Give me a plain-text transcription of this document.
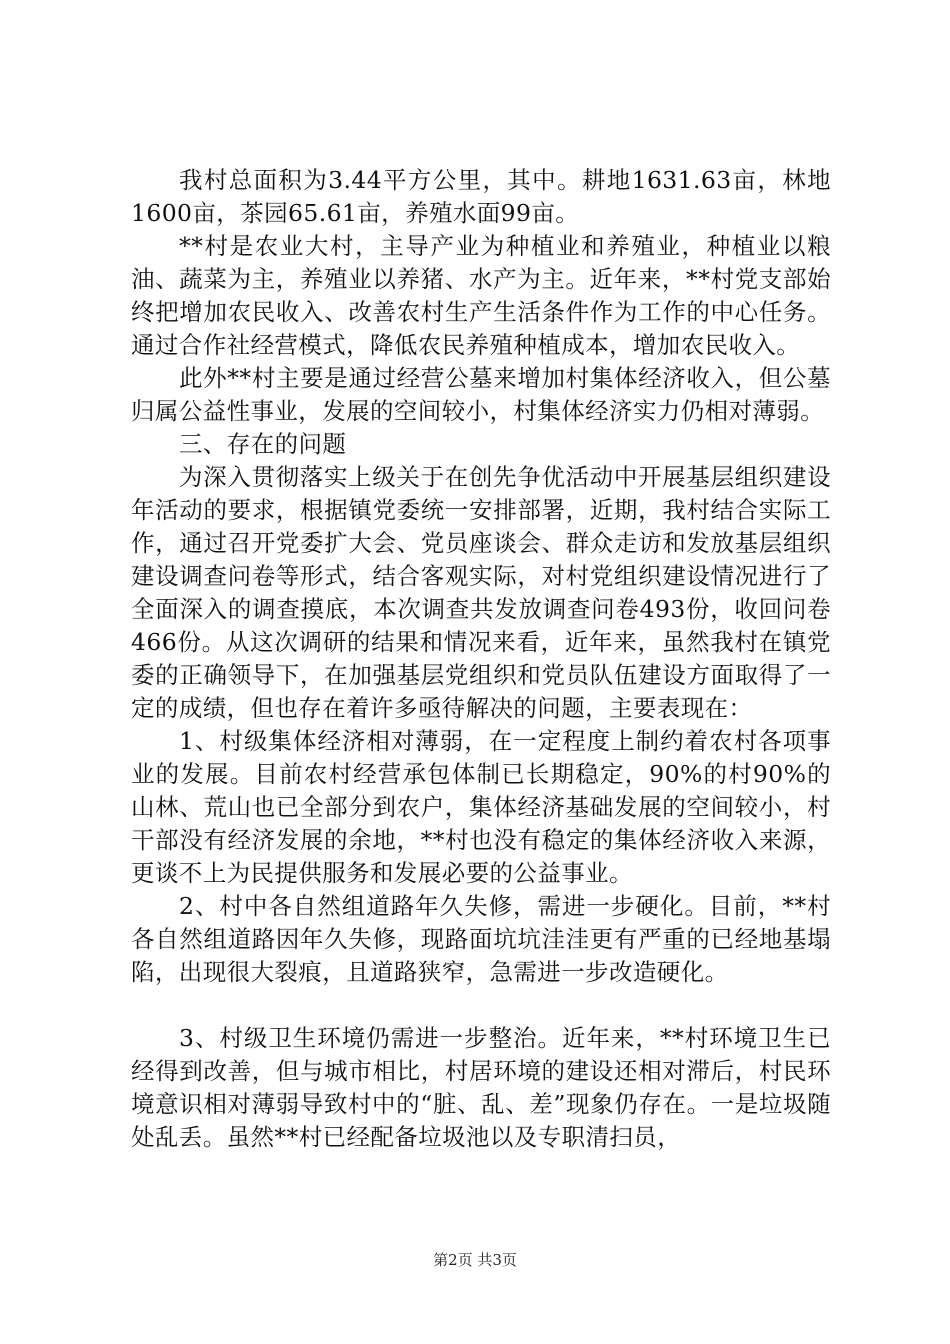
我村总面积为3.44平方公里，其中。耕地1631.63亩，林地1600亩，茶园65.61亩，养殖水面99亩。

**村是农业大村，主导产业为种植业和养殖业，种植业以粮油、蔬菜为主，养殖业以养猪、水产为主。近年来，**村党支部始终把增加农民收入、改善农村生产生活条件作为工作的中心任务。通过合作社经营模式，降低农民养殖种植成本，增加农民收入。

此外**村主要是通过经营公墓来增加村集体经济收入，但公墓归属公益性事业，发展的空间较小，村集体经济实力仍相对薄弱。

三、存在的问题

为深入贯彻落实上级关于在创先争优活动中开展基层组织建设年活动的要求，根据镇党委统一安排部署，近期，我村结合实际工作，通过召开党委扩大会、党员座谈会、群众走访和发放基层组织建设调查问卷等形式，结合客观实际，对村党组织建设情况进行了全面深入的调查摸底，本次调查共发放调查问卷493份，收回问卷466份。从这次调研的结果和情况来看，近年来，虽然我村在镇党委的正确领导下，在加强基层党组织和党员队伍建设方面取得了一定的成绩，但也存在着许多亟待解决的问题，主要表现在：

1、村级集体经济相对薄弱，在一定程度上制约着农村各项事业的发展。目前农村经营承包体制已长期稳定，90%的村90%的山林、荒山也已全部分到农户，集体经济基础发展的空间较小，村干部没有经济发展的余地，**村也没有稳定的集体经济收入来源，更谈不上为民提供服务和发展必要的公益事业。

2、村中各自然组道路年久失修，需进一步硬化。目前，**村各自然组道路因年久失修，现路面坑坑洼洼更有严重的已经地基塌陷，出现很大裂痕，且道路狭窄，急需进一步改造硬化。

3、村级卫生环境仍需进一步整治。近年来，**村环境卫生已经得到改善，但与城市相比，村居环境的建设还相对滞后，村民环境意识相对薄弱导致村中的“脏、乱、差”现象仍存在。一是垃圾随处乱丢。虽然**村已经配备垃圾池以及专职清扫员，

第2页 共3页
